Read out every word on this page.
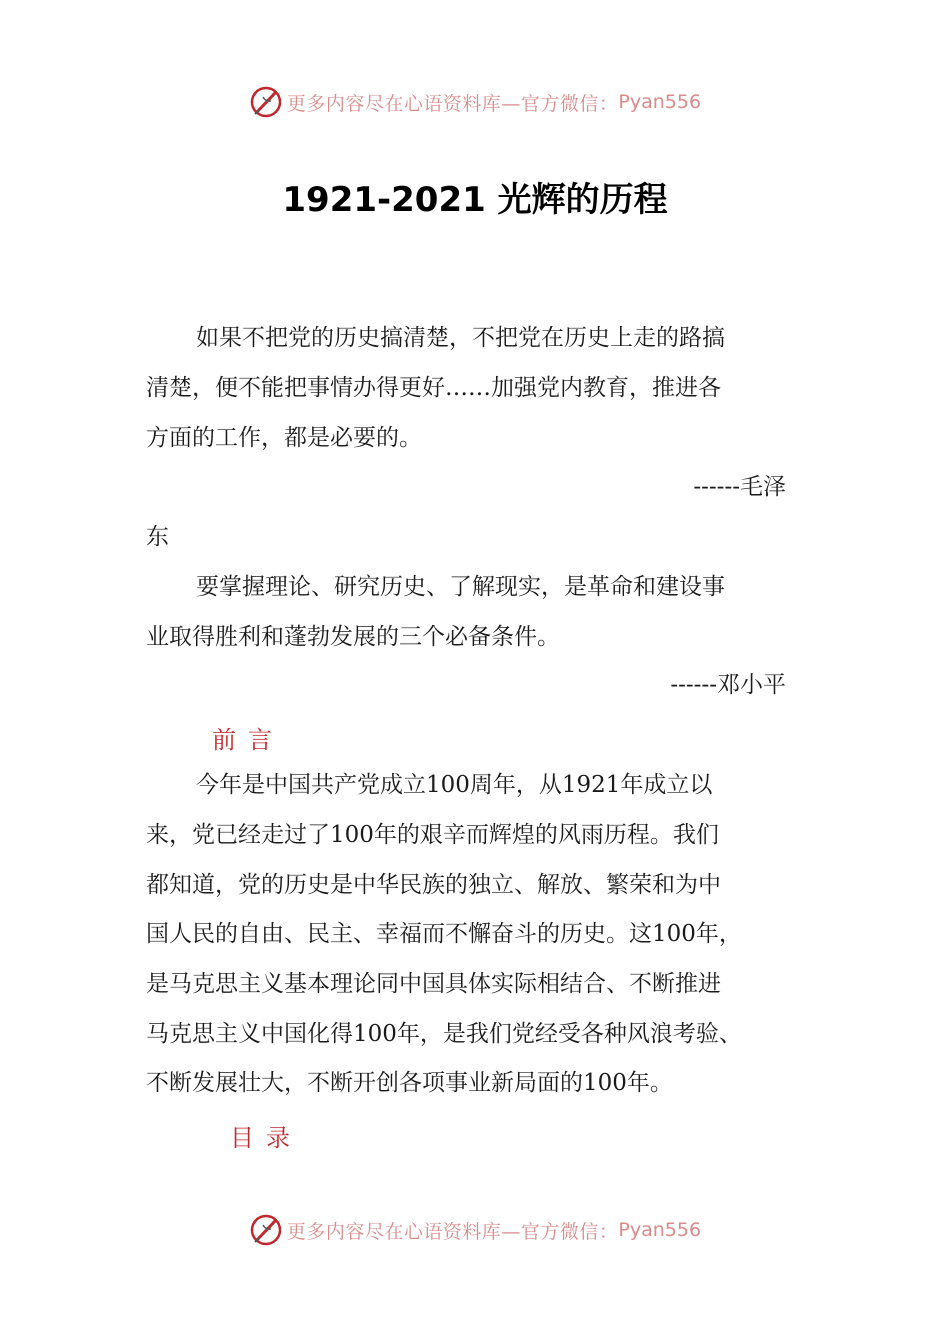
更多内容尽在心语资料库—官方微信： Pyan556
1921-2021 光辉的历程
如果不把党的历史搞清楚，不把党在历史上走的路搞
清楚，便不能把事情办得更好……加强党内教育，推进各
方面的工作，都是必要的。
------毛泽
东
要掌握理论、研究历史、了解现实，是革命和建设事
业取得胜利和蓬勃发展的三个必备条件。
------邓小平
前言
今年是中国共产党成立100周年，从1921年成立以
来，党已经走过了100年的艰辛而辉煌的风雨历程。我们
都知道，党的历史是中华民族的独立、解放、繁荣和为中
国人民的自由、民主、幸福而不懈奋斗的历史。这100年，
是马克思主义基本理论同中国具体实际相结合、不断推进
马克思主义中国化得100年，是我们党经受各种风浪考验、
不断发展壮大，不断开创各项事业新局面的100年。
目录
更多内容尽在心语资料库—官方微信： Pyan556
